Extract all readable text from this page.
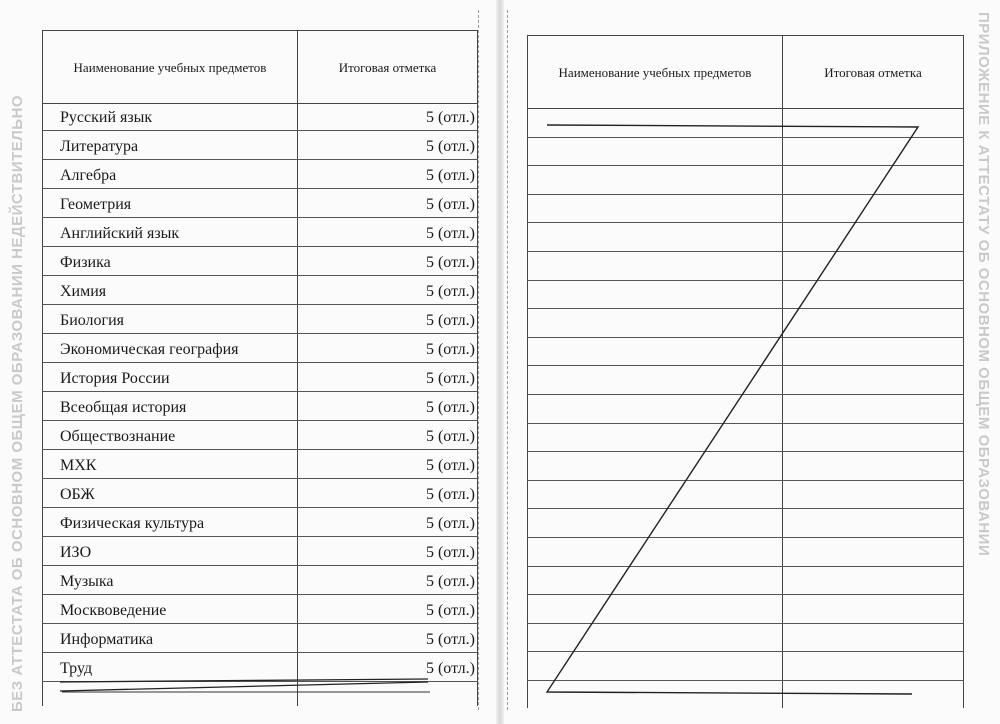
БЕЗ АТТЕСТАТА ОБ ОСНОВНОМ ОБЩЕМ ОБРАЗОВАНИИ НЕДЕЙСТВИТЕЛЬНО	ПРИЛОЖЕНИЕ К АТТЕСТАТУ ОБ ОСНОВНОМ ОБЩЕМ ОБРАЗОВАНИИ
Наименование учебных предметов	Итоговая отметка
Русский язык	5 (отл.)
Литература	5 (отл.)
Алгебра	5 (отл.)
Геометрия	5 (отл.)
Английский язык	5 (отл.)
Физика	5 (отл.)
Химия	5 (отл.)
Биология	5 (отл.)
Экономическая география	5 (отл.)
История России	5 (отл.)
Всеобщая история	5 (отл.)
Обществознание	5 (отл.)
МХК	5 (отл.)
ОБЖ	5 (отл.)
Физическая культура	5 (отл.)
ИЗО	5 (отл.)
Музыка	5 (отл.)
Москвоведение	5 (отл.)
Информатика	5 (отл.)
Труд	5 (отл.)

Наименование учебных предметов	Итоговая отметка
